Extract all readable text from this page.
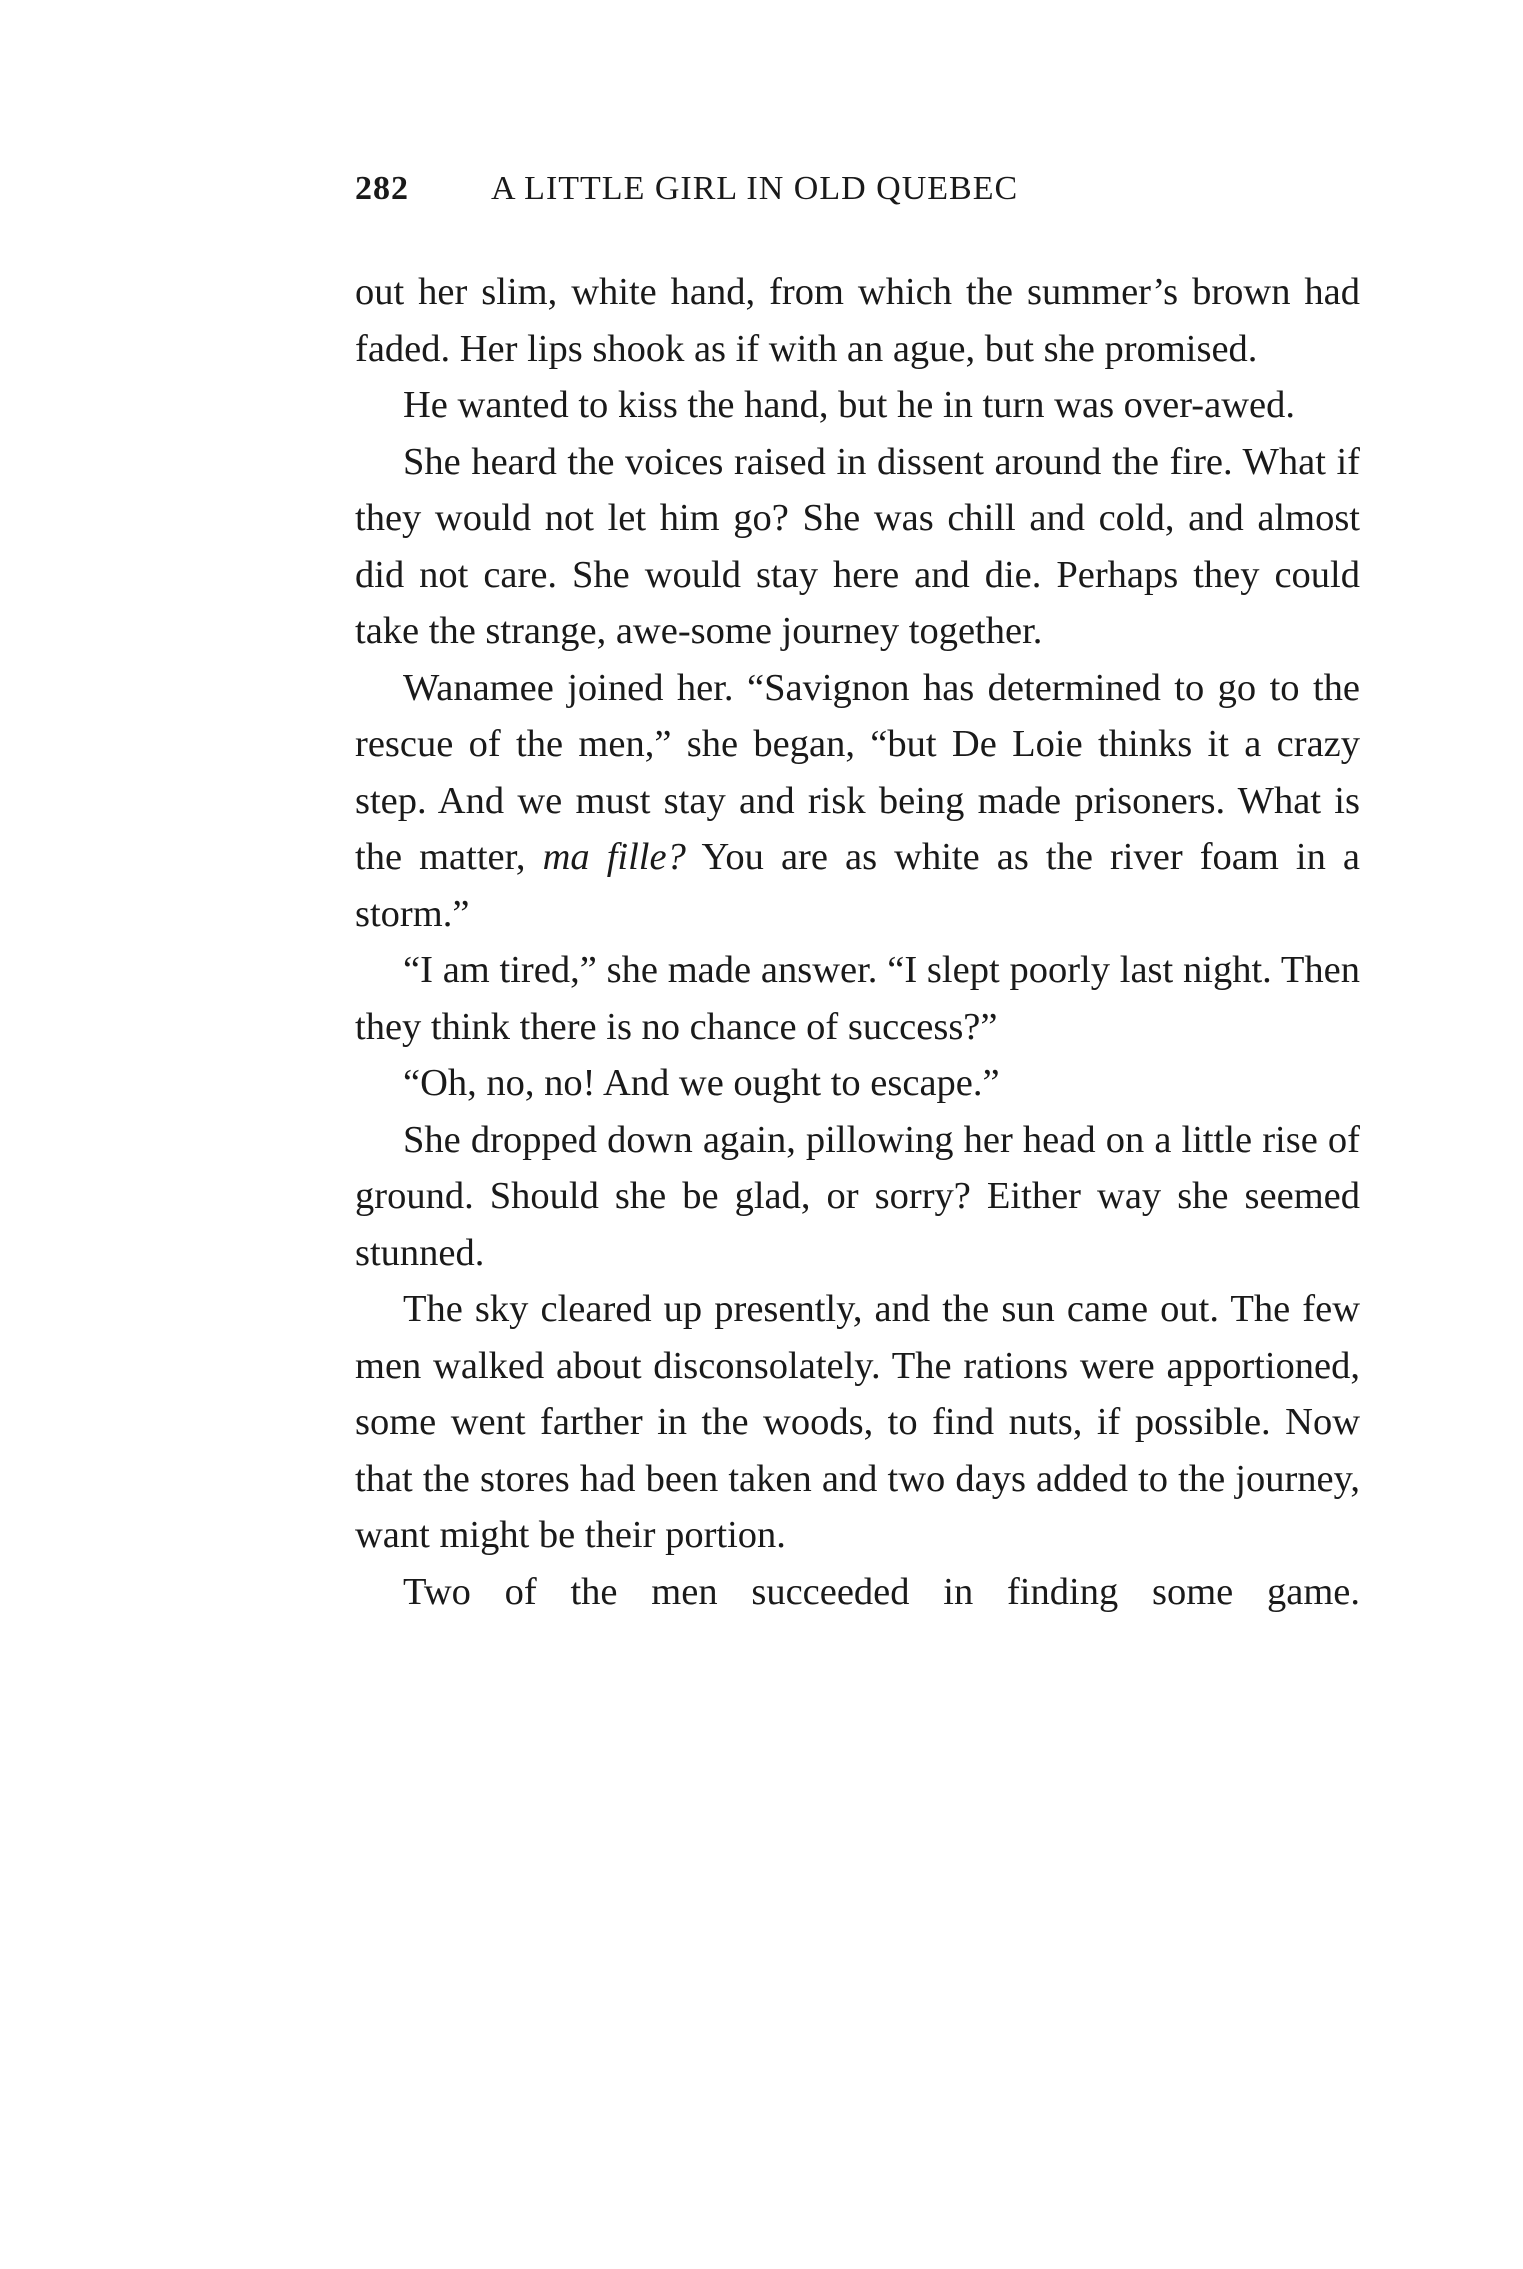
282	A LITTLE GIRL IN OLD QUEBEC

out her slim, white hand, from which the summer’s brown had faded. Her lips shook as if with an ague, but she promised.

He wanted to kiss the hand, but he in turn was over-awed.

She heard the voices raised in dissent around the fire. What if they would not let him go? She was chill and cold, and almost did not care. She would stay here and die. Perhaps they could take the strange, awe-some journey together.

Wanamee joined her. “Savignon has determined to go to the rescue of the men,” she began, “but De Loie thinks it a crazy step. And we must stay and risk being made prisoners. What is the matter, ma fille? You are as white as the river foam in a storm.”

“I am tired,” she made answer. “I slept poorly last night. Then they think there is no chance of success?”

“Oh, no, no! And we ought to escape.”

She dropped down again, pillowing her head on a little rise of ground. Should she be glad, or sorry? Either way she seemed stunned.

The sky cleared up presently, and the sun came out. The few men walked about disconsolately. The rations were apportioned, some went farther in the woods, to find nuts, if possible. Now that the stores had been taken and two days added to the journey, want might be their portion.

Two of the men succeeded in finding some game.
